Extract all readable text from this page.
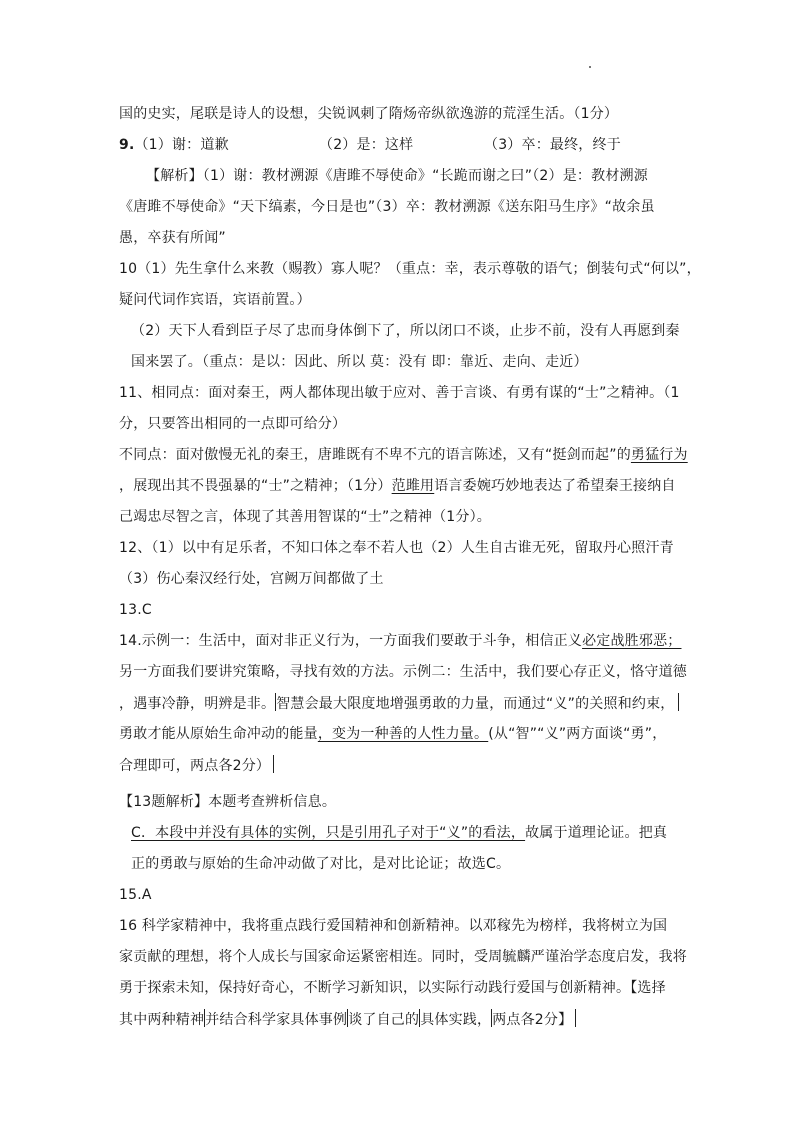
国的史实，尾联是诗人的设想，尖锐讽刺了隋炀帝纵欲逸游的荒淫生活。（1分）
9.（1）谢：道歉	（2）是：这样	（3）卒：最终，终于
【解析】（1）谢：教材溯源《唐雎不辱使命》“长跪而谢之曰”（2）是：教材溯源
《唐雎不辱使命》“天下缟素，今日是也”（3）卒：教材溯源《送东阳马生序》“故余虽
愚，卒获有所闻”
10（1）先生拿什么来教（赐教）寡人呢？（重点：幸，表示尊敬的语气；倒装句式“何以”，
疑问代词作宾语，宾语前置。）
（2）天下人看到臣子尽了忠而身体倒下了，所以闭口不谈，止步不前，没有人再愿到秦
国来罢了。（重点：是以：因此、所以 莫：没有 即：靠近、走向、走近）
11、相同点：面对秦王，两人都体现出敏于应对、善于言谈、有勇有谋的“士”之精神。（1
分，只要答出相同的一点即可给分）
不同点：面对傲慢无礼的秦王，唐雎既有不卑不亢的语言陈述，又有“挺剑而起”的勇猛行为
，展现出其不畏强暴的“士”之精神；（1分）范雎用语言委婉巧妙地表达了希望秦王接纳自
己竭忠尽智之言，体现了其善用智谋的“士”之精神（1分）。
12、（1）以中有足乐者，不知口体之奉不若人也（2）人生自古谁无死，留取丹心照汗青
（3）伤心秦汉经行处，宫阙万间都做了土
13.C
14.示例一：生活中，面对非正义行为，一方面我们要敢于斗争，相信正义必定战胜邪恶；
另一方面我们要讲究策略，寻找有效的方法。示例二：生活中，我们要心存正义，恪守道德
，遇事冷静，明辨是非。智慧会最大限度地增强勇敢的力量，而通过“义”的关照和约束，
勇敢才能从原始生命冲动的能量，变为一种善的人性力量。(从“智”“义”两方面谈“勇”，
合理即可，两点各2分）
【13题解析】本题考查辨析信息。
C．本段中并没有具体的实例，只是引用孔子对于“义”的看法，故属于道理论证。把真
正的勇敢与原始的生命冲动做了对比，是对比论证；故选C。
15.A
16 科学家精神中，我将重点践行爱国精神和创新精神。以邓稼先为榜样，我将树立为国
家贡献的理想，将个人成长与国家命运紧密相连。同时，受周毓麟严谨治学态度启发，我将
勇于探索未知，保持好奇心，不断学习新知识，以实际行动践行爱国与创新精神。【选择
其中两种精神并结合科学家具体事例谈了自己的具体实践，两点各2分】
